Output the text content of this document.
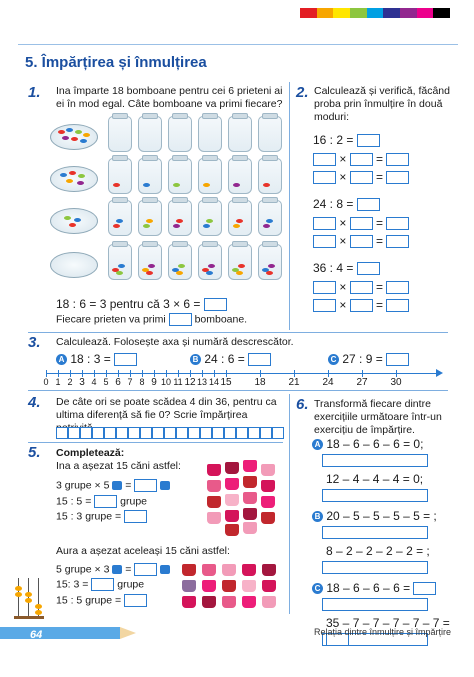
5. Împărțirea și înmulțirea
1. Ina împarte 18 bomboane pentru cei 6 prieteni ai ei în mod egal. Câte bomboane va primi fiecare?
18 : 6 = 3 pentru că 3 × 6 =
Fiecare prieten va primi	bomboane.
2. Calculează și verifică, făcând proba prin înmulțire în două moduri:
16 : 2 =
× =
× =
24 : 8 =
× =
× =
36 : 4 =
× =
× =
3. Calculează. Folosește axa și numără descrescător.
A 18 : 3 =	B 24 : 6 =	C 27 : 9 =
0 1 2 3 4 5 6 7 8 9 10 11 12 13 14 15 18 21 24 27 30
4. De câte ori se poate scădea 4 din 36, pentru ca ultima diferență să fie 0? Scrie împărțirea
5. Completează:
Ina a așezat 15 căni astfel:
3 grupe × 5  =
15 : 5 =	grupe
15 : 3 grupe =
Aura a așezat aceleași 15 căni astfel:
5 grupe × 3  =
15: 3 =	grupe
15 : 5 grupe =
6. Transformă fiecare dintre exercițiile următoare într-un exercițiu de împărțire.
A 18 – 6 – 6 – 6 = 0;
12 – 4 – 4 – 4 = 0;
B 20 – 5 – 5 – 5 – 5 = ;
8 – 2 – 2 – 2 – 2 = ;
C 18 – 6 – 6 – 6 =
35 – 7 – 7 – 7 – 7 – 7 =
64	Relația dintre înmulțire și împărțire
